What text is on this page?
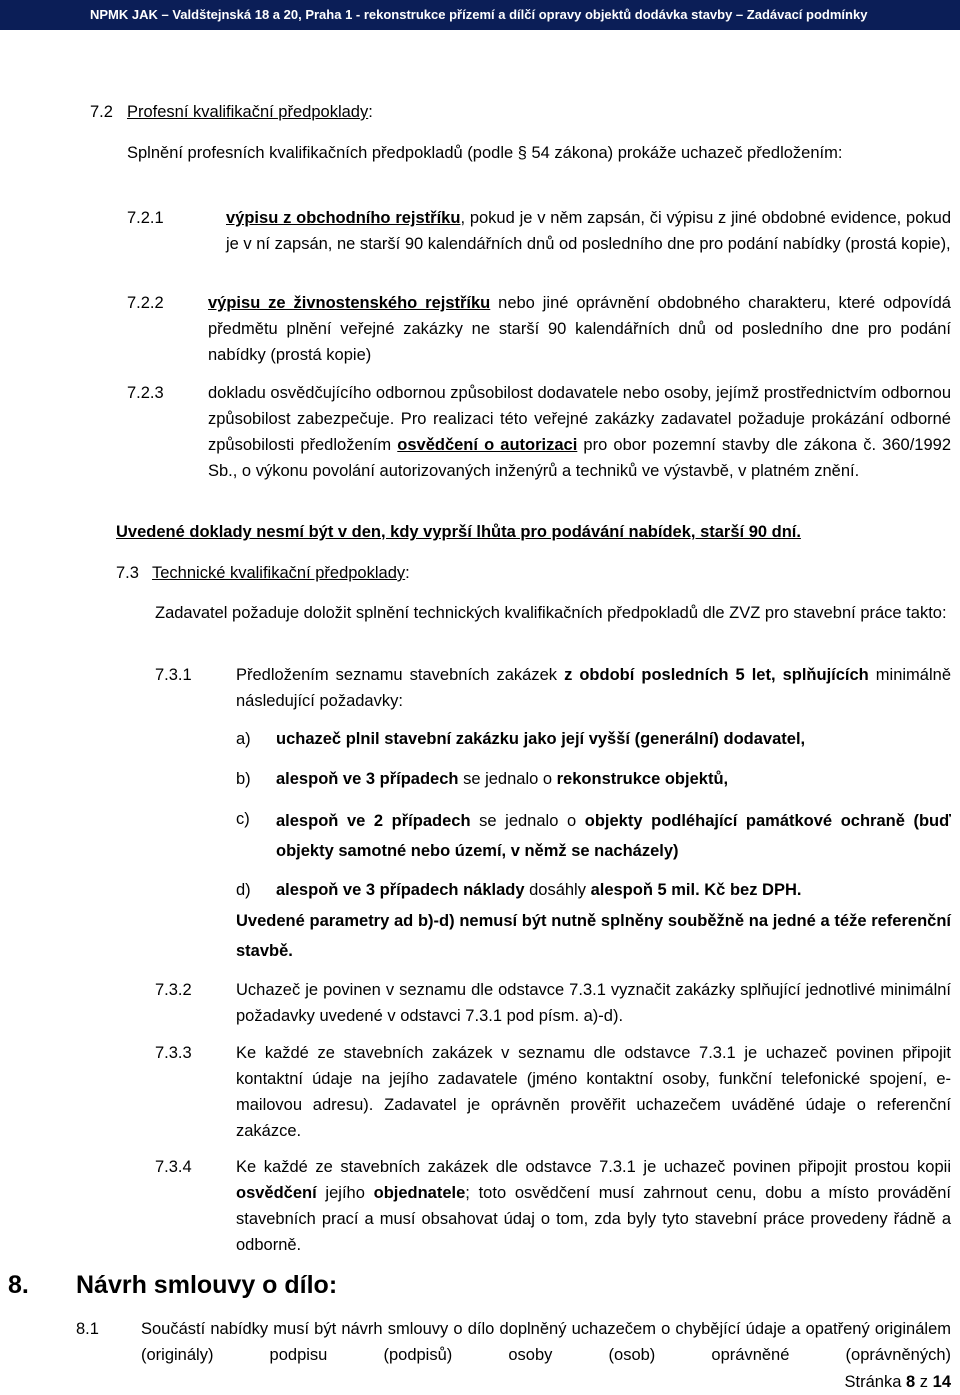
NPMK JAK – Valdštejnská 18 a 20, Praha 1 - rekonstrukce přízemí a dílčí opravy objektů dodávka stavby – Zadávací podmínky
7.2 Profesní kvalifikační předpoklady:
Splnění profesních kvalifikačních předpokladů (podle § 54 zákona) prokáže uchazeč předložením:
7.2.1	výpisu z obchodního rejstříku, pokud je v něm zapsán, či výpisu z jiné obdobné evidence, pokud je v ní zapsán, ne starší 90 kalendářních dnů od posledního dne pro podání nabídky (prostá kopie),
7.2.2	výpisu ze živnostenského rejstříku nebo jiné oprávnění obdobného charakteru, které odpovídá předmětu plnění veřejné zakázky ne starší 90 kalendářních dnů od posledního dne pro podání nabídky (prostá kopie)
7.2.3	dokladu osvědčujícího odbornou způsobilost dodavatele nebo osoby, jejímž prostřednictvím odbornou způsobilost zabezpečuje. Pro realizaci této veřejné zakázky zadavatel požaduje prokázání odborné způsobilosti předložením osvědčení o autorizaci pro obor pozemní stavby dle zákona č. 360/1992 Sb., o výkonu povolání autorizovaných inženýrů a techniků ve výstavbě, v platném znění.
Uvedené doklady nesmí být v den, kdy vyprší lhůta pro podávání nabídek, starší 90 dní.
7.3 Technické kvalifikační předpoklady:
Zadavatel požaduje doložit splnění technických kvalifikačních předpokladů dle ZVZ pro stavební práce takto:
7.3.1	Předložením seznamu stavebních zakázek z období posledních 5 let, splňujících minimálně následující požadavky:
a) uchazeč plnil stavební zakázku jako její vyšší (generální) dodavatel,
b) alespoň ve 3 případech se jednalo o rekonstrukce objektů,
c) alespoň ve 2 případech se jednalo o objekty podléhající památkové ochraně (buď objekty samotné nebo území, v němž se nacházely)
d) alespoň ve 3 případech náklady dosáhly alespoň 5 mil. Kč bez DPH.
Uvedené parametry ad b)-d) nemusí být nutně splněny souběžně na jedné a téže referenční stavbě.
7.3.2	Uchazeč je povinen v seznamu dle odstavce 7.3.1 vyznačit zakázky splňující jednotlivé minimální požadavky uvedené v odstavci 7.3.1 pod písm. a)-d).
7.3.3	Ke každé ze stavebních zakázek v seznamu dle odstavce 7.3.1 je uchazeč povinen připojit kontaktní údaje na jejího zadavatele (jméno kontaktní osoby, funkční telefonické spojení, e-mailovou adresu). Zadavatel je oprávněn prověřit uchazečem uváděné údaje o referenční zakázce.
7.3.4	Ke každé ze stavebních zakázek dle odstavce 7.3.1 je uchazeč povinen připojit prostou kopii osvědčení jejího objednatele; toto osvědčení musí zahrnout cenu, dobu a místo provádění stavebních prací a musí obsahovat údaj o tom, zda byly tyto stavební práce provedeny řádně a odborně.
8. Návrh smlouvy o dílo:
8.1	Součástí nabídky musí být návrh smlouvy o dílo doplněný uchazečem o chybějící údaje a opatřený originálem (originály) podpisu (podpisů) osoby (osob) oprávněné (oprávněných)
Stránka 8 z 14
